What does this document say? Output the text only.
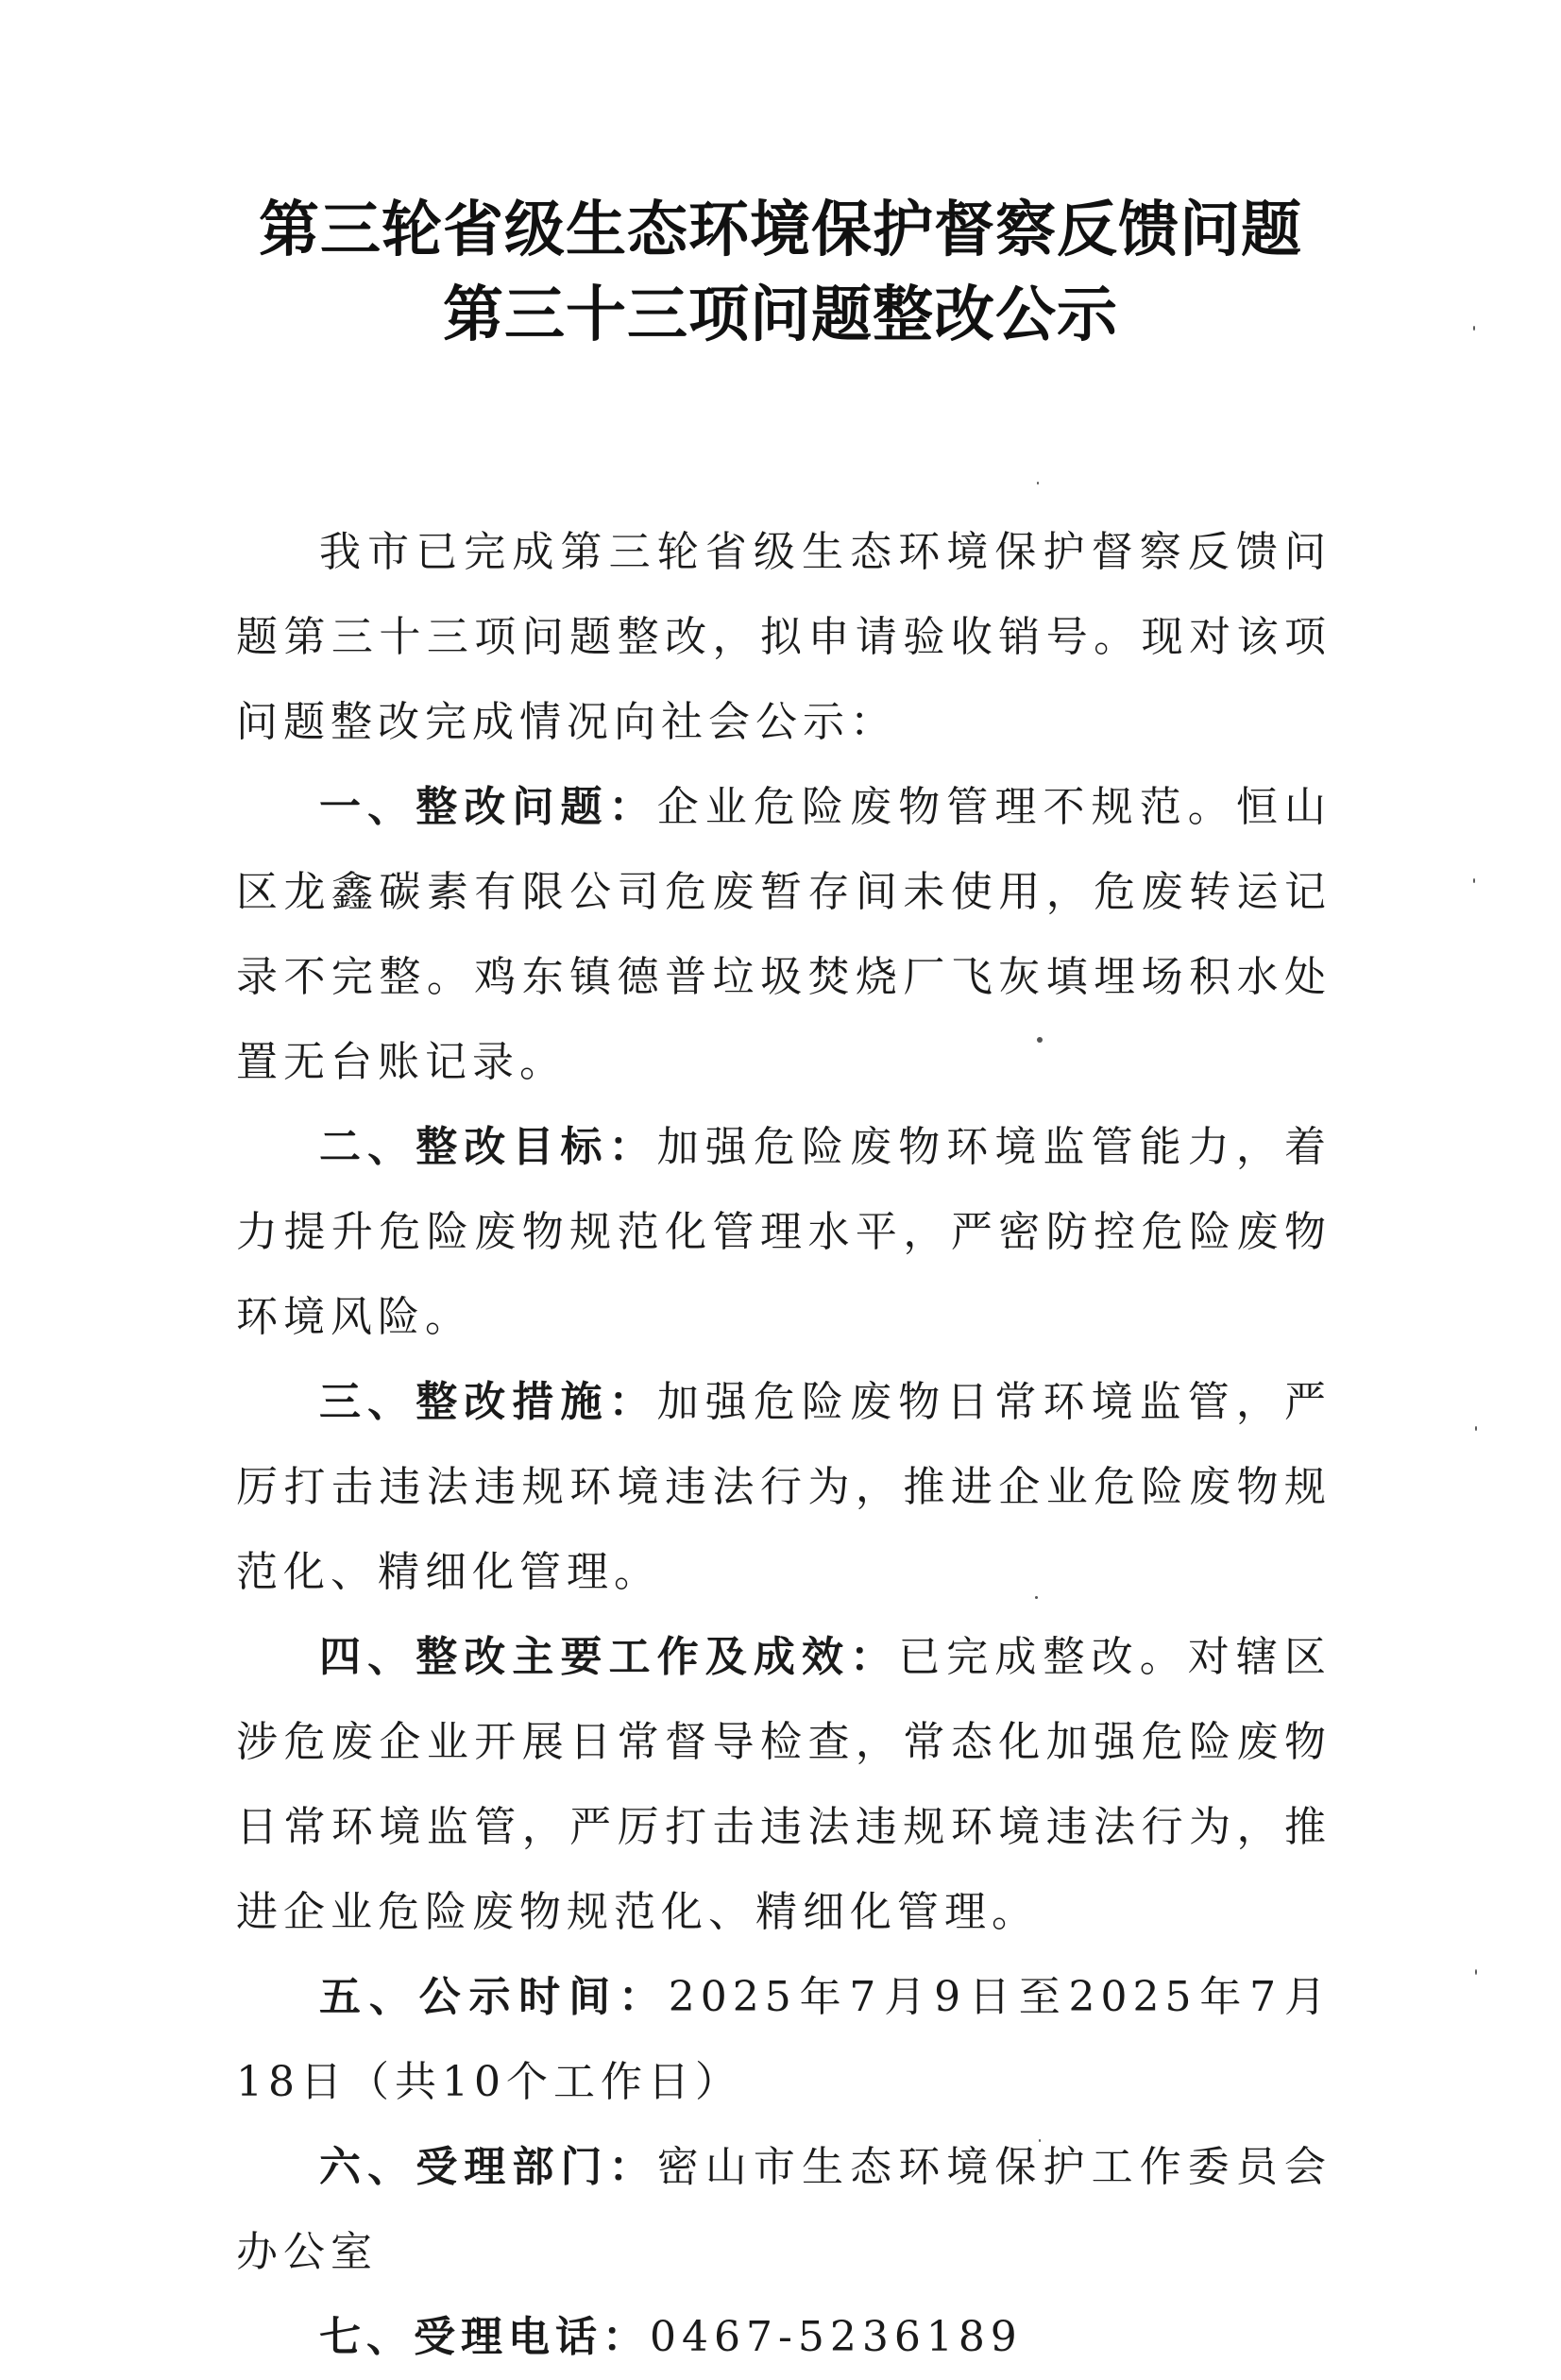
第三轮省级生态环境保护督察反馈问题
第三十三项问题整改公示

我市已完成第三轮省级生态环境保护督察反馈问题第三十三项问题整改，拟申请验收销号。现对该项问题整改完成情况向社会公示：

一、整改问题：企业危险废物管理不规范。恒山区龙鑫碳素有限公司危废暂存间未使用，危废转运记录不完整。鸡东镇德普垃圾焚烧厂飞灰填埋场积水处置无台账记录。

二、整改目标：加强危险废物环境监管能力，着力提升危险废物规范化管理水平，严密防控危险废物环境风险。

三、整改措施：加强危险废物日常环境监管，严厉打击违法违规环境违法行为，推进企业危险废物规范化、精细化管理。

四、整改主要工作及成效：已完成整改。对辖区涉危废企业开展日常督导检查，常态化加强危险废物日常环境监管，严厉打击违法违规环境违法行为，推进企业危险废物规范化、精细化管理。

五、公示时间：2025年7月9日至2025年7月18日（共10个工作日）

六、受理部门：密山市生态环境保护工作委员会办公室

七、受理电话：0467-5236189
